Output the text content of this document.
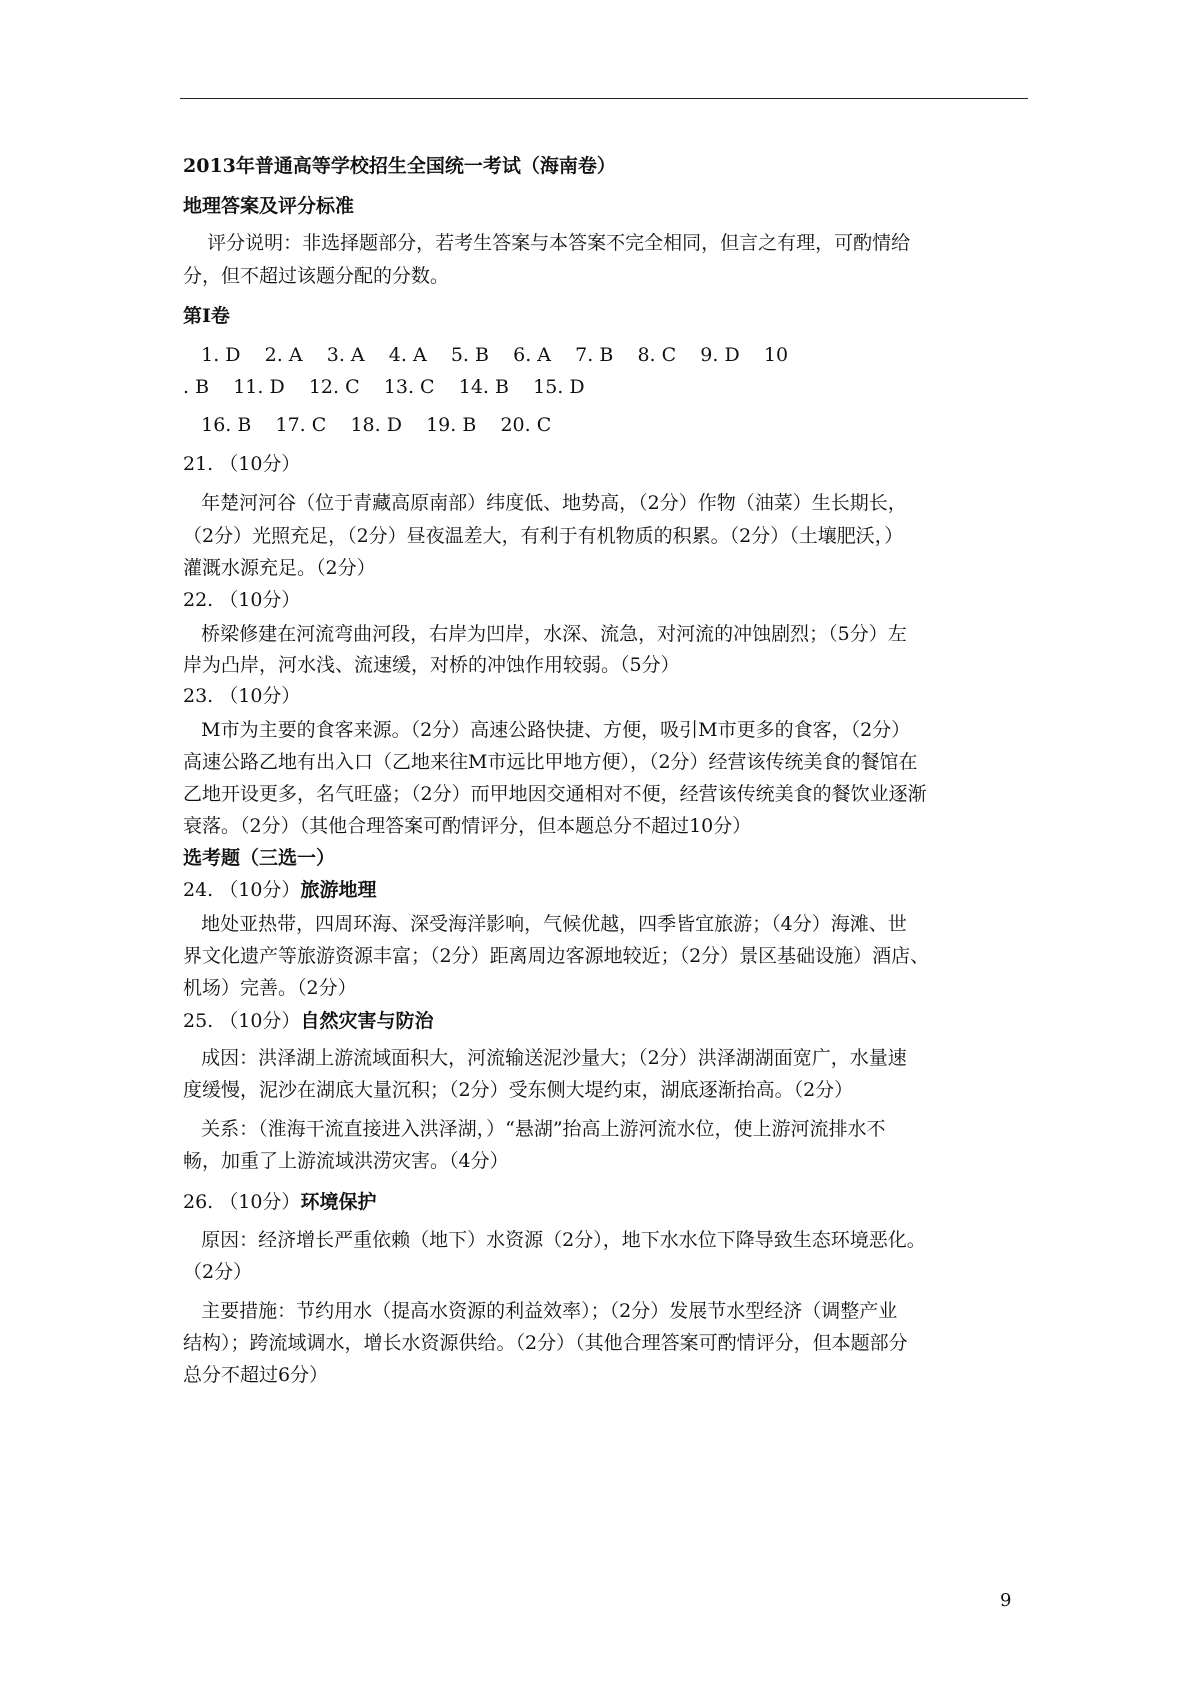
2013年普通高等学校招生全国统一考试（海南卷）
地理答案及评分标准
评分说明：非选择题部分，若考生答案与本答案不完全相同，但言之有理，可酌情给
分，但不超过该题分配的分数。
第Ⅰ卷
1. D    2. A    3. A    4. A    5. B    6. A    7. B    8. C    9. D    10
. B    11. D    12. C    13. C    14. B    15. D
16. B    17. C    18. D    19. B    20. C
21. （10分）
年楚河河谷（位于青藏高原南部）纬度低、地势高，（2分）作物（油菜）生长期长，
（2分）光照充足，（2分）昼夜温差大，有利于有机物质的积累。（2分）（土壤肥沃，）
灌溉水源充足。（2分）
22. （10分）
桥梁修建在河流弯曲河段，右岸为凹岸，水深、流急，对河流的冲蚀剧烈；（5分）左
岸为凸岸，河水浅、流速缓，对桥的冲蚀作用较弱。（5分）
23. （10分）
M市为主要的食客来源。（2分）高速公路快捷、方便，吸引M市更多的食客，（2分）
高速公路乙地有出入口（乙地来往M市远比甲地方便），（2分）经营该传统美食的餐馆在
乙地开设更多，名气旺盛；（2分）而甲地因交通相对不便，经营该传统美食的餐饮业逐渐
衰落。（2分）（其他合理答案可酌情评分，但本题总分不超过10分）
选考题（三选一）
24. （10分）旅游地理
地处亚热带，四周环海、深受海洋影响，气候优越，四季皆宜旅游；（4分）海滩、世
界文化遗产等旅游资源丰富；（2分）距离周边客源地较近；（2分）景区基础设施）酒店、
机场）完善。（2分）
25. （10分）自然灾害与防治
成因：洪泽湖上游流域面积大，河流输送泥沙量大；（2分）洪泽湖湖面宽广，水量速
度缓慢，泥沙在湖底大量沉积；（2分）受东侧大堤约束，湖底逐渐抬高。（2分）
关系：（淮海干流直接进入洪泽湖，）“悬湖”抬高上游河流水位，使上游河流排水不
畅，加重了上游流域洪涝灾害。（4分）
26. （10分）环境保护
原因：经济增长严重依赖（地下）水资源（2分），地下水水位下降导致生态环境恶化。
（2分）
主要措施：节约用水（提高水资源的利益效率）；（2分）发展节水型经济（调整产业
结构）；跨流域调水，增长水资源供给。（2分）（其他合理答案可酌情评分，但本题部分
总分不超过6分）
9
